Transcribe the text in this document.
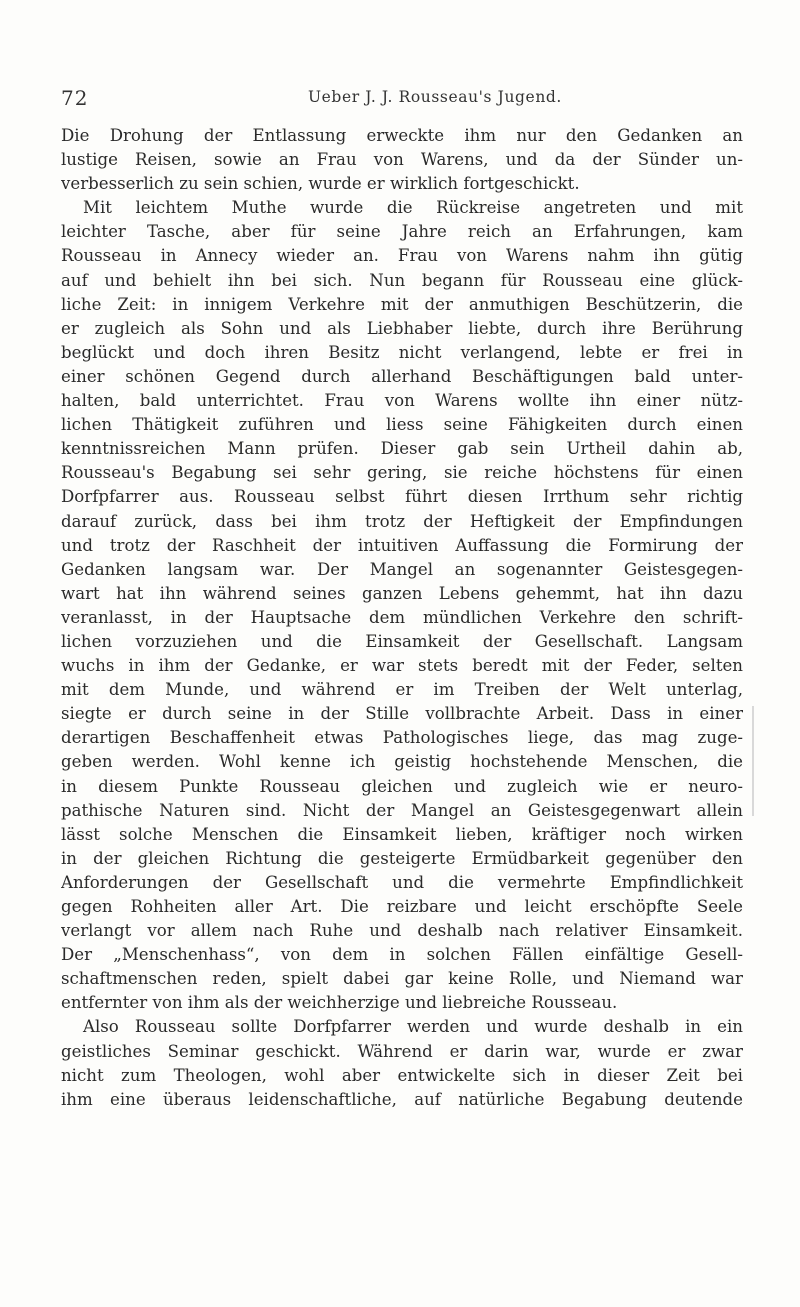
72	Ueber J. J. Rousseau's Jugend.
Die Drohung der Entlassung erweckte ihm nur den Gedanken an
lustige Reisen, sowie an Frau von Warens, und da der Sünder un-
verbesserlich zu sein schien, wurde er wirklich fortgeschickt.
Mit leichtem Muthe wurde die Rückreise angetreten und mit
leichter Tasche, aber für seine Jahre reich an Erfahrungen, kam
Rousseau in Annecy wieder an. Frau von Warens nahm ihn gütig
auf und behielt ihn bei sich. Nun begann für Rousseau eine glück-
liche Zeit: in innigem Verkehre mit der anmuthigen Beschützerin, die
er zugleich als Sohn und als Liebhaber liebte, durch ihre Berührung
beglückt und doch ihren Besitz nicht verlangend, lebte er frei in
einer schönen Gegend durch allerhand Beschäftigungen bald unter-
halten, bald unterrichtet. Frau von Warens wollte ihn einer nütz-
lichen Thätigkeit zuführen und liess seine Fähigkeiten durch einen
kenntnissreichen Mann prüfen. Dieser gab sein Urtheil dahin ab,
Rousseau's Begabung sei sehr gering, sie reiche höchstens für einen
Dorfpfarrer aus. Rousseau selbst führt diesen Irrthum sehr richtig
darauf zurück, dass bei ihm trotz der Heftigkeit der Empfindungen
und trotz der Raschheit der intuitiven Auffassung die Formirung der
Gedanken langsam war. Der Mangel an sogenannter Geistesgegen-
wart hat ihn während seines ganzen Lebens gehemmt, hat ihn dazu
veranlasst, in der Hauptsache dem mündlichen Verkehre den schrift-
lichen vorzuziehen und die Einsamkeit der Gesellschaft. Langsam
wuchs in ihm der Gedanke, er war stets beredt mit der Feder, selten
mit dem Munde, und während er im Treiben der Welt unterlag,
siegte er durch seine in der Stille vollbrachte Arbeit. Dass in einer
derartigen Beschaffenheit etwas Pathologisches liege, das mag zuge-
geben werden. Wohl kenne ich geistig hochstehende Menschen, die
in diesem Punkte Rousseau gleichen und zugleich wie er neuro-
pathische Naturen sind. Nicht der Mangel an Geistesgegenwart allein
lässt solche Menschen die Einsamkeit lieben, kräftiger noch wirken
in der gleichen Richtung die gesteigerte Ermüdbarkeit gegenüber den
Anforderungen der Gesellschaft und die vermehrte Empfindlichkeit
gegen Rohheiten aller Art. Die reizbare und leicht erschöpfte Seele
verlangt vor allem nach Ruhe und deshalb nach relativer Einsamkeit.
Der „Menschenhass“, von dem in solchen Fällen einfältige Gesell-
schaftmenschen reden, spielt dabei gar keine Rolle, und Niemand war
entfernter von ihm als der weichherzige und liebreiche Rousseau.
Also Rousseau sollte Dorfpfarrer werden und wurde deshalb in ein
geistliches Seminar geschickt. Während er darin war, wurde er zwar
nicht zum Theologen, wohl aber entwickelte sich in dieser Zeit bei
ihm eine überaus leidenschaftliche, auf natürliche Begabung deutende
